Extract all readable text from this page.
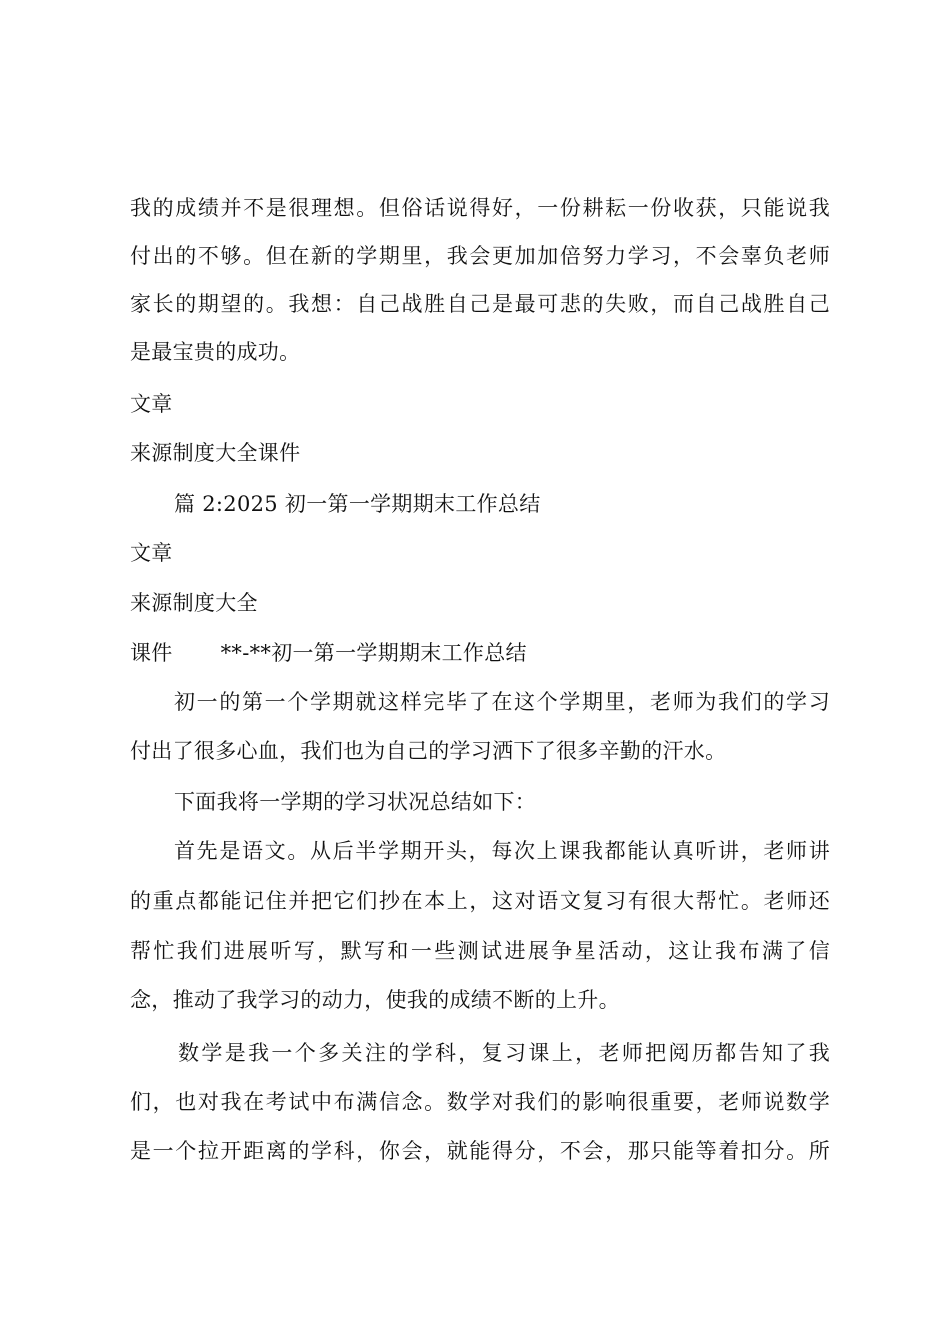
我的成绩并不是很理想。但俗话说得好，一份耕耘一份收获，只能说我
付出的不够。但在新的学期里，我会更加加倍努力学习，不会辜负老师
家长的期望的。我想：自己战胜自己是最可悲的失败，而自己战胜自己
是最宝贵的成功。
文章
来源制度大全课件
篇 2:2025 初一第一学期期末工作总结
文章
来源制度大全
课件 **-**初一第一学期期末工作总结
初一的第一个学期就这样完毕了在这个学期里，老师为我们的学习
付出了很多心血，我们也为自己的学习洒下了很多辛勤的汗水。
下面我将一学期的学习状况总结如下：
首先是语文。从后半学期开头，每次上课我都能认真听讲，老师讲
的重点都能记住并把它们抄在本上，这对语文复习有很大帮忙。老师还
帮忙我们进展听写，默写和一些测试进展争星活动，这让我布满了信
念，推动了我学习的动力，使我的成绩不断的上升。
数学是我一个多关注的学科，复习课上，老师把阅历都告知了我
们，也对我在考试中布满信念。数学对我们的影响很重要，老师说数学
是一个拉开距离的学科，你会，就能得分，不会，那只能等着扣分。所
